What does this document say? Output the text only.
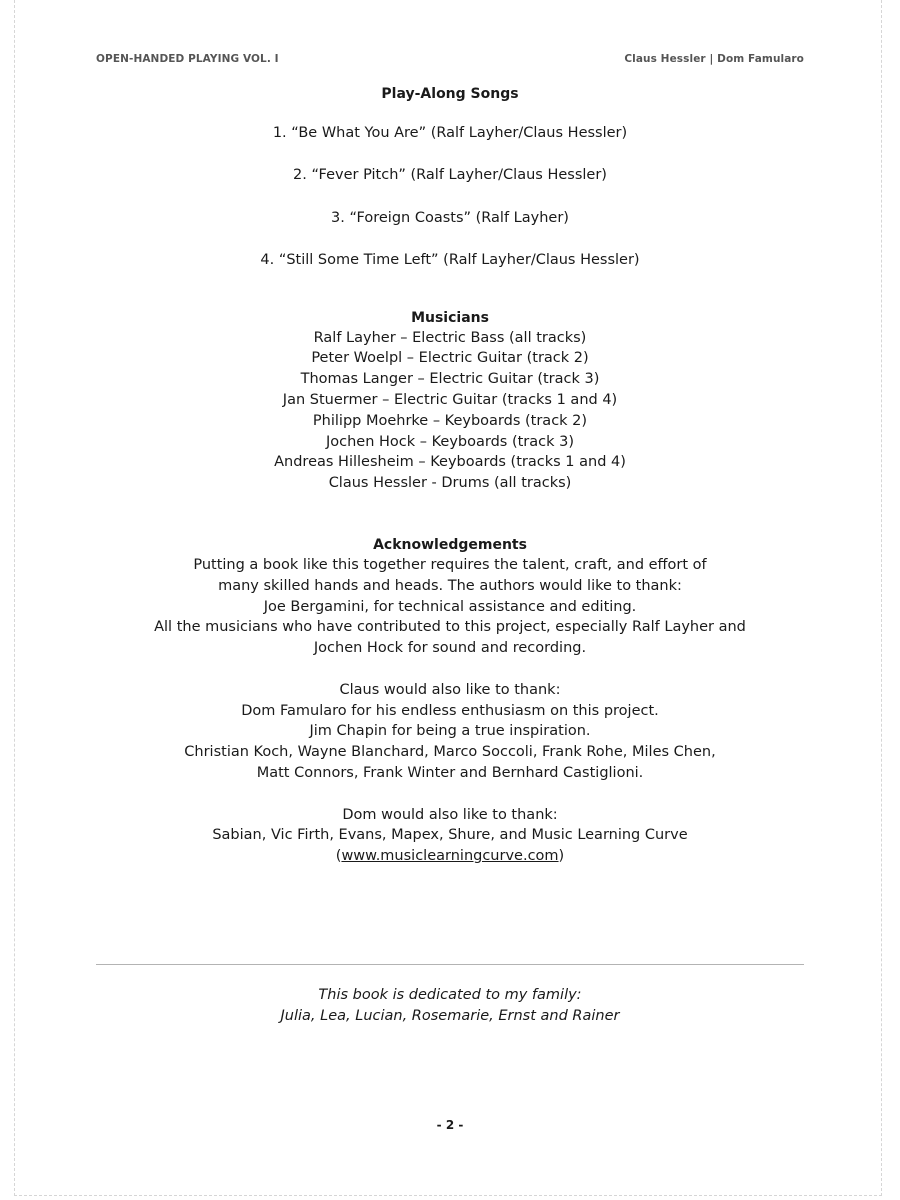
OPEN-HANDED PLAYING VOL. I	Claus Hessler | Dom Famularo

Play-Along Songs

1. “Be What You Are” (Ralf Layher/Claus Hessler)

2. “Fever Pitch” (Ralf Layher/Claus Hessler)

3. “Foreign Coasts” (Ralf Layher)

4. “Still Some Time Left” (Ralf Layher/Claus Hessler)

Musicians

Ralf Layher – Electric Bass (all tracks)

Peter Woelpl – Electric Guitar (track 2)

Thomas Langer – Electric Guitar (track 3)

Jan Stuermer – Electric Guitar (tracks 1 and 4)

Philipp Moehrke – Keyboards (track 2)

Jochen Hock – Keyboards (track 3)

Andreas Hillesheim – Keyboards (tracks 1 and 4)

Claus Hessler - Drums (all tracks)

Acknowledgements

Putting a book like this together requires the talent, craft, and effort of

many skilled hands and heads. The authors would like to thank:

Joe Bergamini, for technical assistance and editing.

All the musicians who have contributed to this project, especially Ralf Layher and

Jochen Hock for sound and recording.

Claus would also like to thank:

Dom Famularo for his endless enthusiasm on this project.

Jim Chapin for being a true inspiration.

Christian Koch, Wayne Blanchard, Marco Soccoli, Frank Rohe, Miles Chen,

Matt Connors, Frank Winter and Bernhard Castiglioni.

Dom would also like to thank:

Sabian, Vic Firth, Evans, Mapex, Shure, and Music Learning Curve

(www.musiclearningcurve.com)

This book is dedicated to my family:
Julia, Lea, Lucian, Rosemarie, Ernst and Rainer
- 2 -
